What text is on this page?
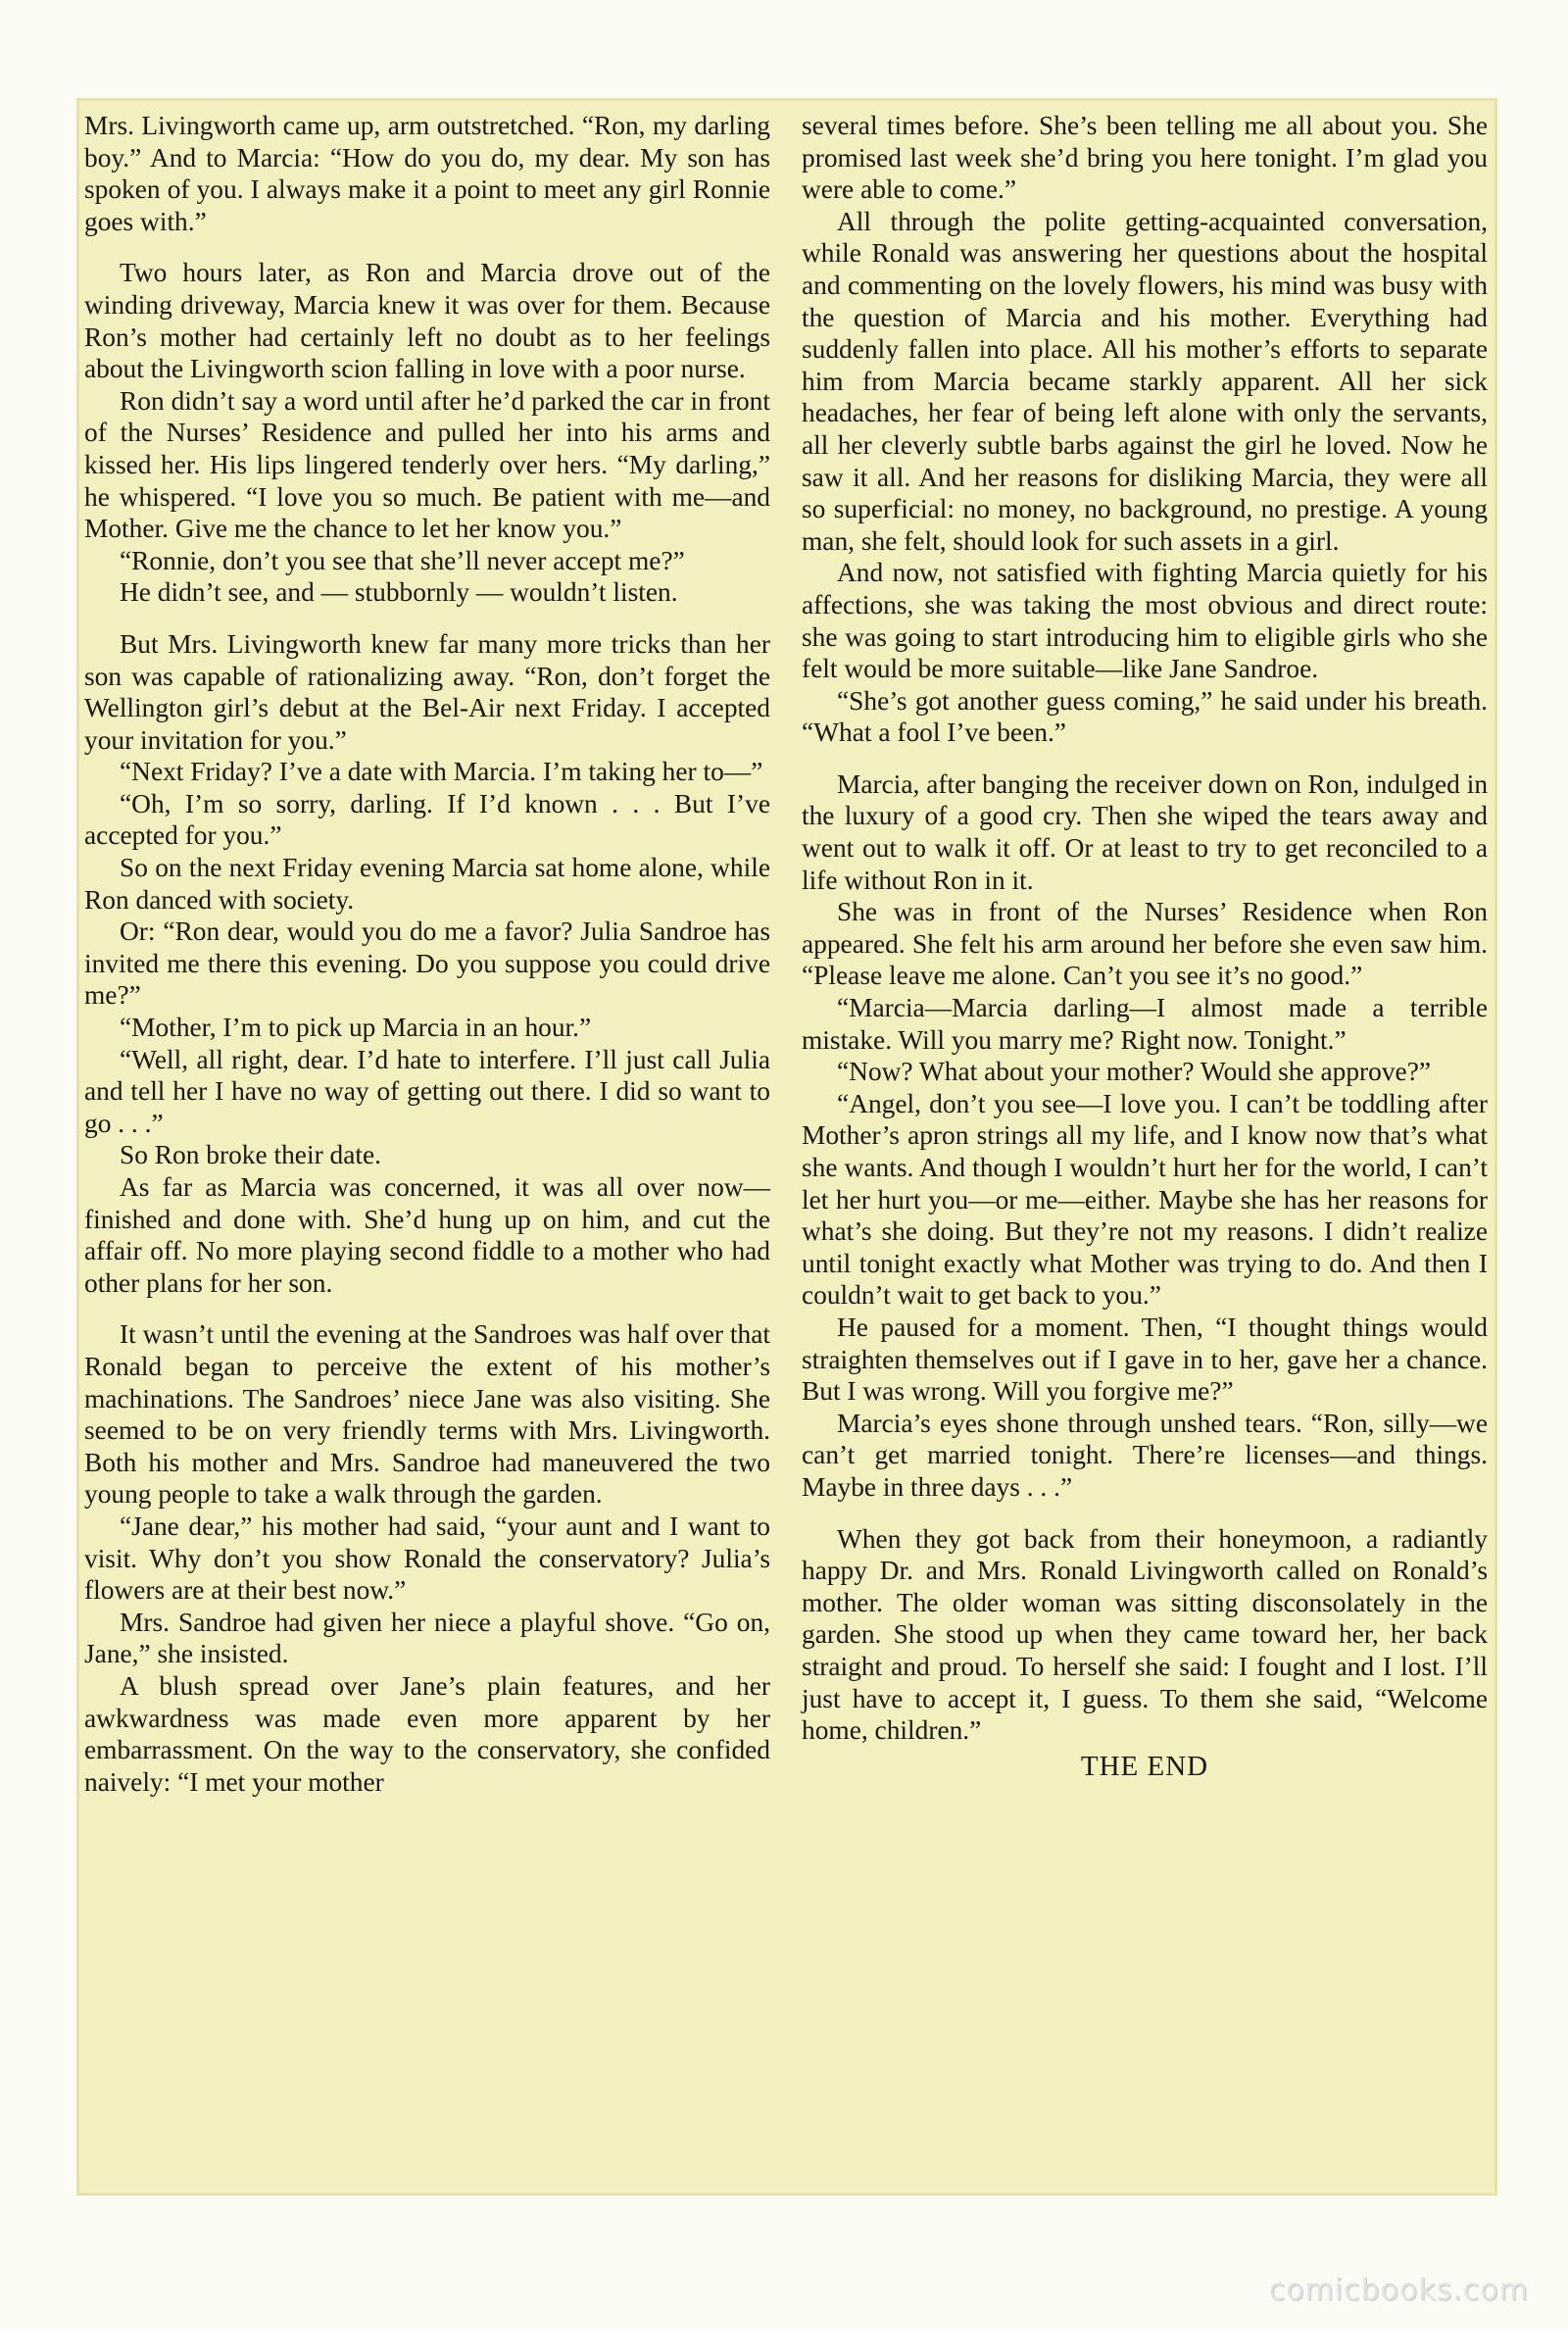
Mrs. Livingworth came up, arm outstretched. “Ron, my darling boy.” And to Marcia: “How do you do, my dear. My son has spoken of you. I always make it a point to meet any girl Ronnie goes with.”

Two hours later, as Ron and Marcia drove out of the winding driveway, Marcia knew it was over for them. Because Ron’s mother had certainly left no doubt as to her feelings about the Livingworth scion falling in love with a poor nurse.

Ron didn’t say a word until after he’d parked the car in front of the Nurses’ Residence and pulled her into his arms and kissed her. His lips lingered tenderly over hers. “My darling,” he whispered. “I love you so much. Be patient with me—and Mother. Give me the chance to let her know you.”

“Ronnie, don’t you see that she’ll never accept me?”

He didn’t see, and — stubbornly — wouldn’t listen.

But Mrs. Livingworth knew far many more tricks than her son was capable of rationalizing away. “Ron, don’t forget the Wellington girl’s debut at the Bel-Air next Friday. I accepted your invitation for you.”

“Next Friday? I’ve a date with Marcia. I’m taking her to—”

“Oh, I’m so sorry, darling. If I’d known . . . But I’ve accepted for you.”

So on the next Friday evening Marcia sat home alone, while Ron danced with society.

Or: “Ron dear, would you do me a favor? Julia Sandroe has invited me there this evening. Do you suppose you could drive me?”

“Mother, I’m to pick up Marcia in an hour.”

“Well, all right, dear. I’d hate to interfere. I’ll just call Julia and tell her I have no way of getting out there. I did so want to go . . .”

So Ron broke their date.

As far as Marcia was concerned, it was all over now—finished and done with. She’d hung up on him, and cut the affair off. No more playing second fiddle to a mother who had other plans for her son.

It wasn’t until the evening at the Sandroes was half over that Ronald began to perceive the extent of his mother’s machinations. The Sandroes’ niece Jane was also visiting. She seemed to be on very friendly terms with Mrs. Livingworth. Both his mother and Mrs. Sandroe had maneuvered the two young people to take a walk through the garden.

“Jane dear,” his mother had said, “your aunt and I want to visit. Why don’t you show Ronald the conservatory? Julia’s flowers are at their best now.”

Mrs. Sandroe had given her niece a playful shove. “Go on, Jane,” she insisted.

A blush spread over Jane’s plain features, and her awkwardness was made even more apparent by her embarrassment. On the way to the conservatory, she confided naively: “I met your mother

several times before. She’s been telling me all about you. She promised last week she’d bring you here tonight. I’m glad you were able to come.”

All through the polite getting-acquainted conversation, while Ronald was answering her questions about the hospital and commenting on the lovely flowers, his mind was busy with the question of Marcia and his mother. Everything had suddenly fallen into place. All his mother’s efforts to separate him from Marcia became starkly apparent. All her sick headaches, her fear of being left alone with only the servants, all her cleverly subtle barbs against the girl he loved. Now he saw it all. And her reasons for disliking Marcia, they were all so superficial: no money, no background, no prestige. A young man, she felt, should look for such assets in a girl.

And now, not satisfied with fighting Marcia quietly for his affections, she was taking the most obvious and direct route: she was going to start introducing him to eligible girls who she felt would be more suitable—like Jane Sandroe.

“She’s got another guess coming,” he said under his breath. “What a fool I’ve been.”

Marcia, after banging the receiver down on Ron, indulged in the luxury of a good cry. Then she wiped the tears away and went out to walk it off. Or at least to try to get reconciled to a life without Ron in it.

She was in front of the Nurses’ Residence when Ron appeared. She felt his arm around her before she even saw him. “Please leave me alone. Can’t you see it’s no good.”

“Marcia—Marcia darling—I almost made a terrible mistake. Will you marry me? Right now. Tonight.”

“Now? What about your mother? Would she approve?”

“Angel, don’t you see—I love you. I can’t be toddling after Mother’s apron strings all my life, and I know now that’s what she wants. And though I wouldn’t hurt her for the world, I can’t let her hurt you—or me—either. Maybe she has her reasons for what’s she doing. But they’re not my reasons. I didn’t realize until tonight exactly what Mother was trying to do. And then I couldn’t wait to get back to you.”

He paused for a moment. Then, “I thought things would straighten themselves out if I gave in to her, gave her a chance. But I was wrong. Will you forgive me?”

Marcia’s eyes shone through unshed tears. “Ron, silly—we can’t get married tonight. There’re licenses—and things. Maybe in three days . . .”

When they got back from their honeymoon, a radiantly happy Dr. and Mrs. Ronald Livingworth called on Ronald’s mother. The older woman was sitting disconsolately in the garden. She stood up when they came toward her, her back straight and proud. To herself she said: I fought and I lost. I’ll just have to accept it, I guess. To them she said, “Welcome home, children.”

THE END

comicbooks.com
